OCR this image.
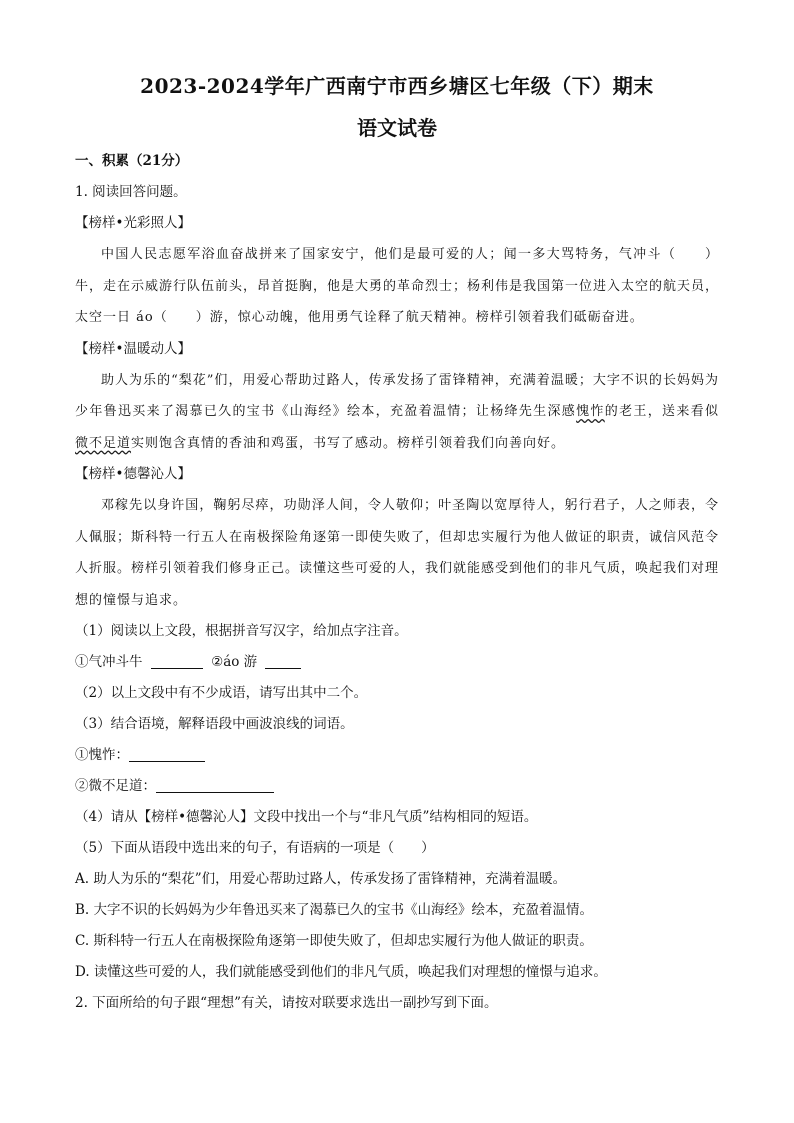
2023-2024学年广西南宁市西乡塘区七年级（下）期末
语文试卷
一、积累（21分）
1. 阅读回答问题。
【榜样•光彩照人】

中国人民志愿军浴血奋战拼来了国家安宁，他们是最可爱的人；闻一多大骂特务，气冲斗（　　）牛，走在示威游行队伍前头，昂首挺胸，他是大勇的革命烈士；杨利伟是我国第一位进入太空的航天员，太空一日 áo（　　）游，惊心动魄，他用勇气诠释了航天精神。榜样引领着我们砥砺奋进。

【榜样•温暖动人】

助人为乐的“梨花”们，用爱心帮助过路人，传承发扬了雷锋精神，充满着温暖；大字不识的长妈妈为少年鲁迅买来了渴慕已久的宝书《山海经》绘本，充盈着温情；让杨绛先生深感愧怍的老王，送来看似微不足道实则饱含真情的香油和鸡蛋，书写了感动。榜样引领着我们向善向好。

【榜样•德馨沁人】

邓稼先以身许国，鞠躬尽瘁，功勋泽人间，令人敬仰；叶圣陶以宽厚待人，躬行君子，人之师表，令人佩服；斯科特一行五人在南极探险角逐第一即使失败了，但却忠实履行为他人做证的职责，诚信风范令人折服。榜样引领着我们修身正己。读懂这些可爱的人，我们就能感受到他们的非凡气质，唤起我们对理想的憧憬与追求。

（1）阅读以上文段，根据拼音写汉字，给加点字注音。
①气冲斗牛	②áo 游
（2）以上文段中有不少成语，请写出其中二个。
（3）结合语境，解释语段中画波浪线的词语。
①愧怍：
②微不足道：
（4）请从【榜样•德馨沁人】文段中找出一个与“非凡气质”结构相同的短语。
（5）下面从语段中选出来的句子，有语病的一项是（　　）
A. 助人为乐的“梨花”们，用爱心帮助过路人，传承发扬了雷锋精神，充满着温暖。
B. 大字不识的长妈妈为少年鲁迅买来了渴慕已久的宝书《山海经》绘本，充盈着温情。
C. 斯科特一行五人在南极探险角逐第一即使失败了，但却忠实履行为他人做证的职责。
D. 读懂这些可爱的人，我们就能感受到他们的非凡气质，唤起我们对理想的憧憬与追求。
2. 下面所给的句子跟“理想”有关，请按对联要求选出一副抄写到下面。
